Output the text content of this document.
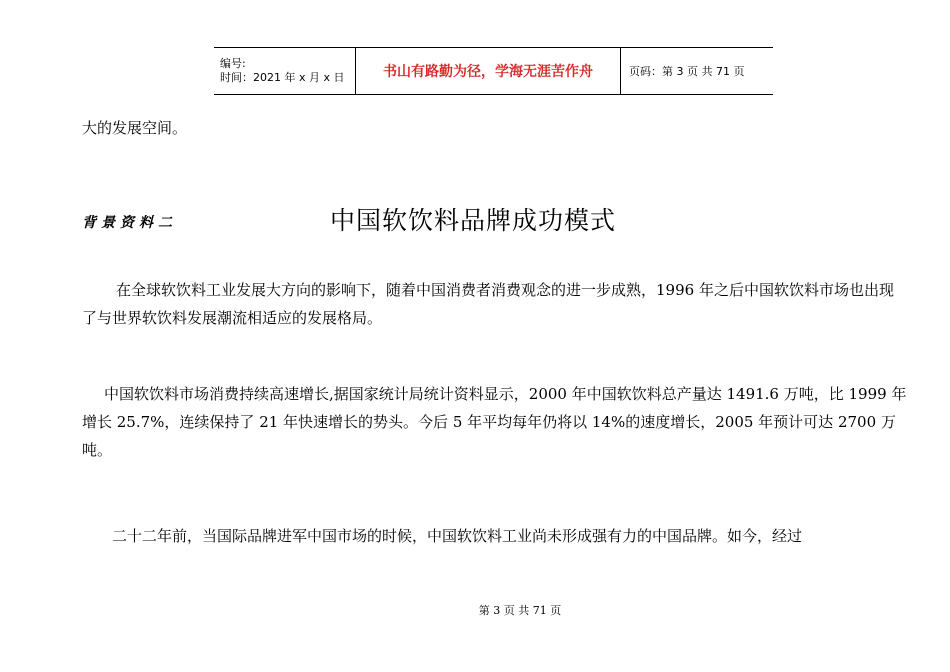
编号:
时间：2021 年 x 月 x 日	书山有路勤为径，学海无涯苦作舟	页码：第 3 页 共 71 页

大的发展空间。

背景资料二	中国软饮料品牌成功模式

在全球软饮料工业发展大方向的影响下，随着中国消费者消费观念的进一步成熟，1996 年之后中国软饮料市场也出现了与世界软饮料发展潮流相适应的发展格局。

中国软饮料市场消费持续高速增长,据国家统计局统计资料显示，2000 年中国软饮料总产量达 1491.6 万吨，比 1999 年增长 25.7%，连续保持了 21 年快速增长的势头。今后 5 年平均每年仍将以 14%的速度增长，2005 年预计可达 2700 万吨。

二十二年前，当国际品牌进军中国市场的时候，中国软饮料工业尚未形成强有力的中国品牌。如今，经过

第 3 页 共 71 页
